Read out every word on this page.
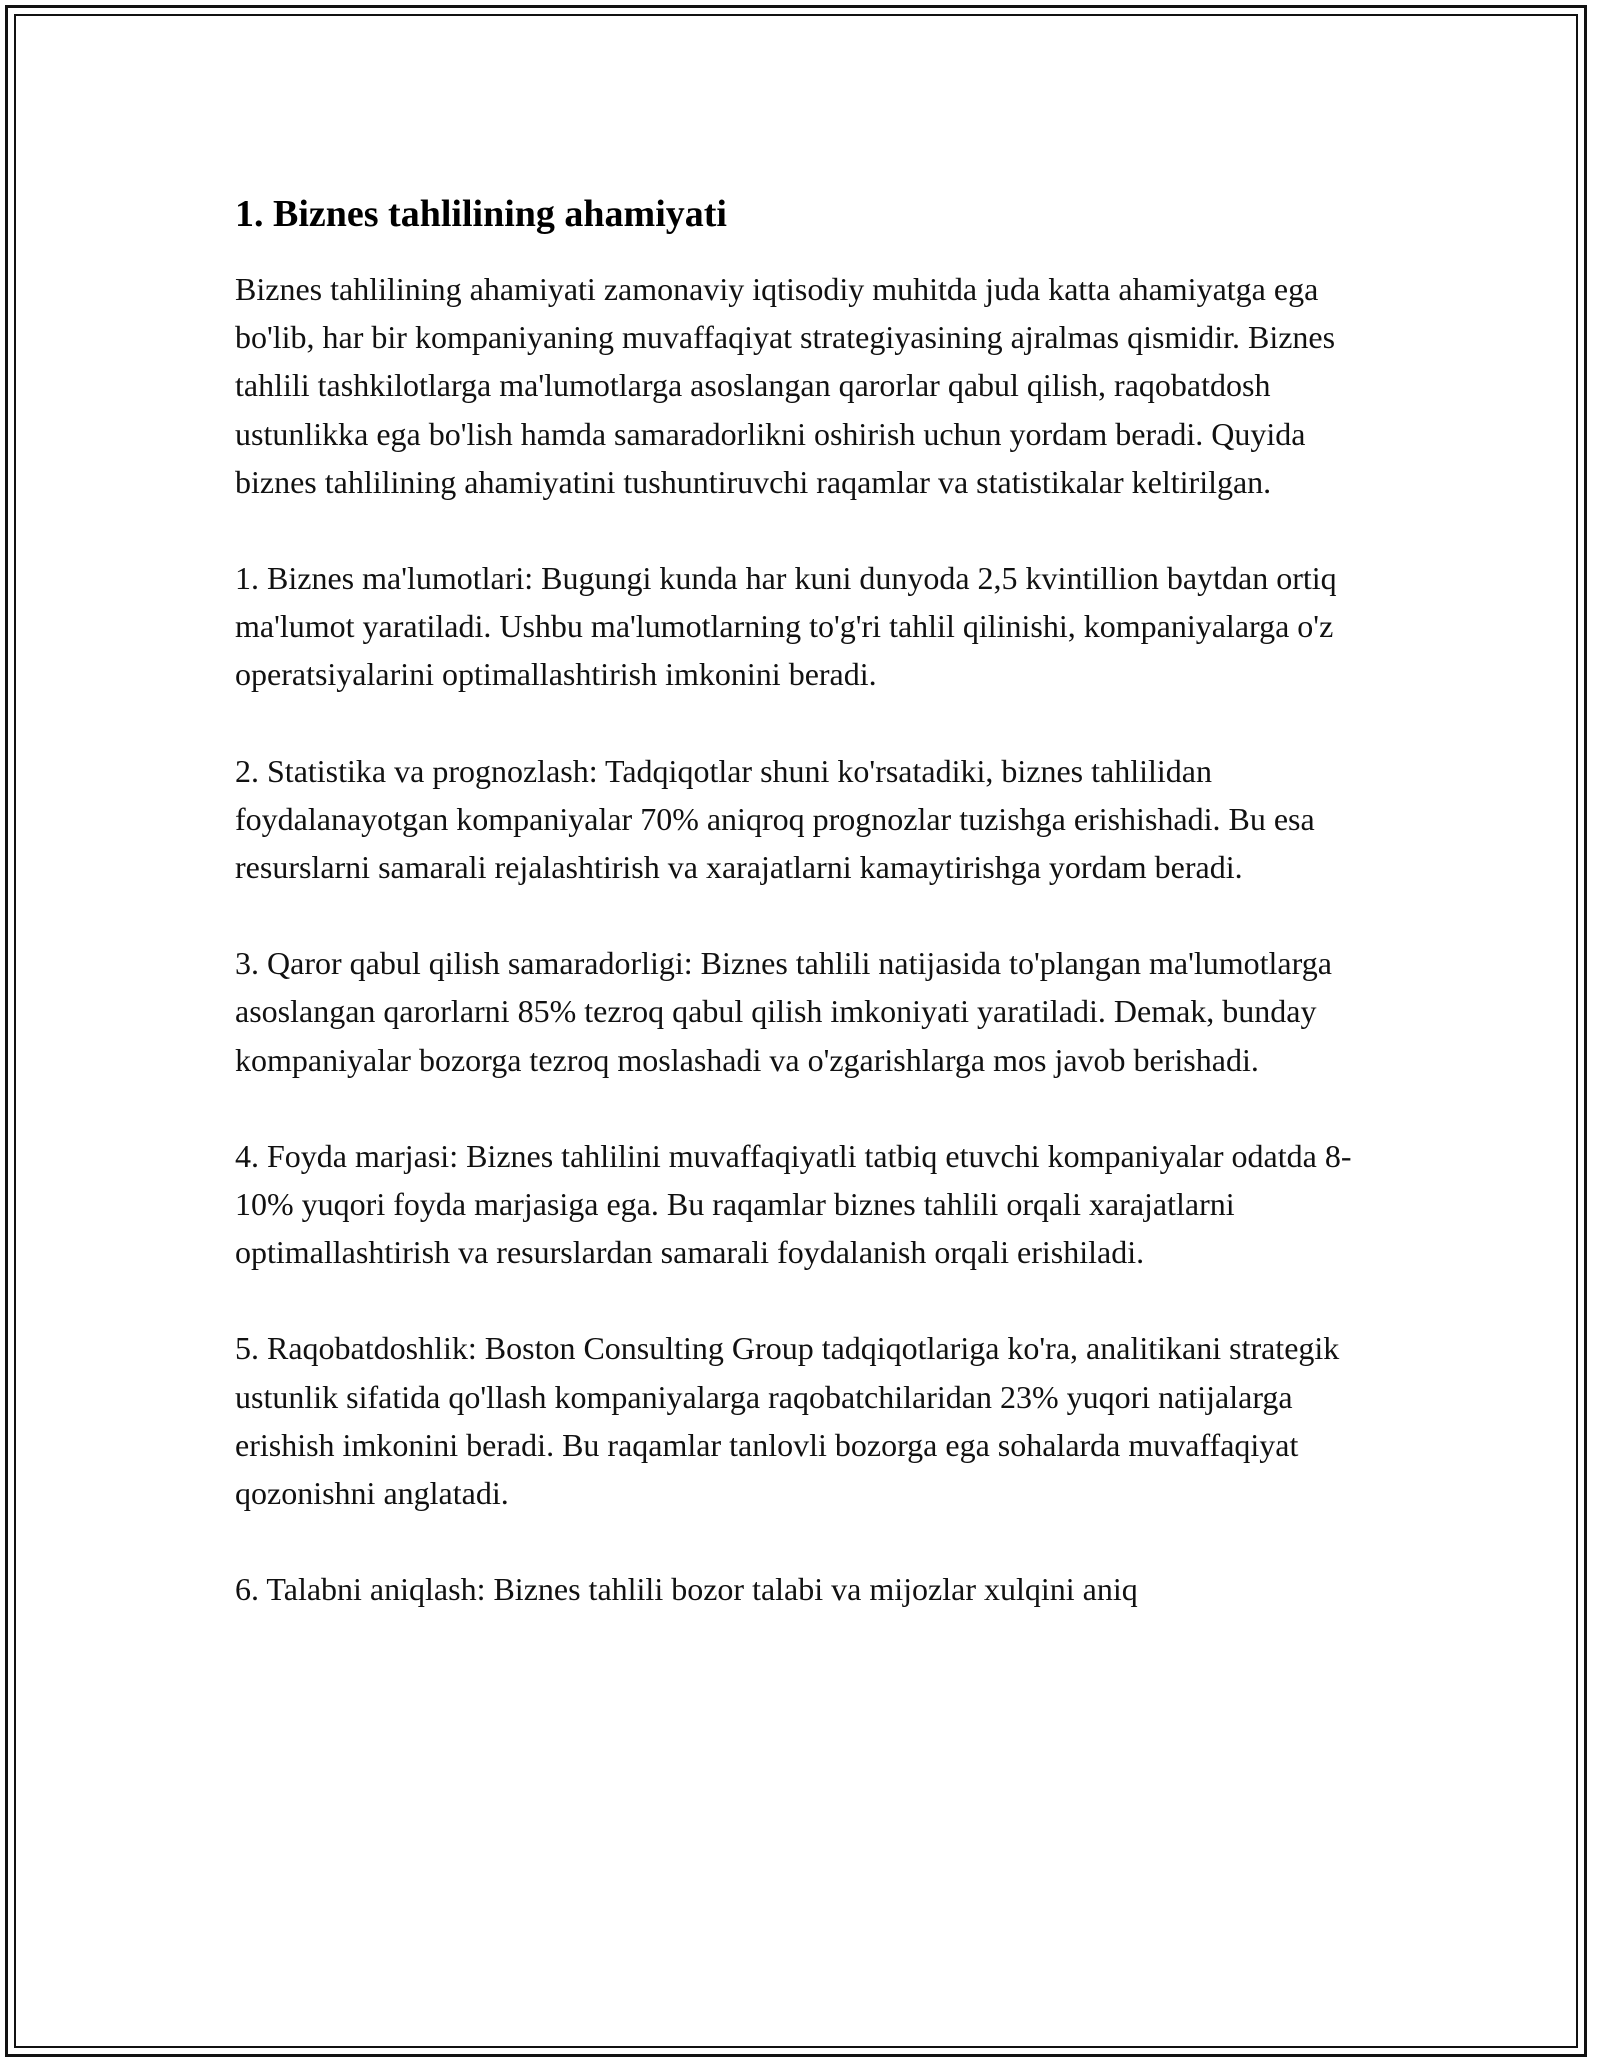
1. Biznes tahlilining ahamiyati

Biznes tahlilining ahamiyati zamonaviy iqtisodiy muhitda juda katta ahamiyatga ega bo'lib, har bir kompaniyaning muvaffaqiyat strategiyasining ajralmas qismidir. Biznes tahlili tashkilotlarga ma'lumotlarga asoslangan qarorlar qabul qilish, raqobatdosh ustunlikka ega bo'lish hamda samaradorlikni oshirish uchun yordam beradi. Quyida biznes tahlilining ahamiyatini tushuntiruvchi raqamlar va statistikalar keltirilgan.

1. Biznes ma'lumotlari: Bugungi kunda har kuni dunyoda 2,5 kvintillion baytdan ortiq ma'lumot yaratiladi. Ushbu ma'lumotlarning to'g'ri tahlil qilinishi, kompaniyalarga o'z operatsiyalarini optimallashtirish imkonini beradi.

2. Statistika va prognozlash: Tadqiqotlar shuni ko'rsatadiki, biznes tahlilidan foydalanayotgan kompaniyalar 70% aniqroq prognozlar tuzishga erishishadi. Bu esa resurslarni samarali rejalashtirish va xarajatlarni kamaytirishga yordam beradi.

3. Qaror qabul qilish samaradorligi: Biznes tahlili natijasida to'plangan ma'lumotlarga asoslangan qarorlarni 85% tezroq qabul qilish imkoniyati yaratiladi. Demak, bunday kompaniyalar bozorga tezroq moslashadi va o'zgarishlarga mos javob berishadi.

4. Foyda marjasi: Biznes tahlilini muvaffaqiyatli tatbiq etuvchi kompaniyalar odatda 8-10% yuqori foyda marjasiga ega. Bu raqamlar biznes tahlili orqali xarajatlarni optimallashtirish va resurslardan samarali foydalanish orqali erishiladi.

5. Raqobatdoshlik: Boston Consulting Group tadqiqotlariga ko'ra, analitikani strategik ustunlik sifatida qo'llash kompaniyalarga raqobatchilaridan 23% yuqori natijalarga erishish imkonini beradi. Bu raqamlar tanlovli bozorga ega sohalarda muvaffaqiyat qozonishni anglatadi.

6. Talabni aniqlash: Biznes tahlili bozor talabi va mijozlar xulqini aniq
